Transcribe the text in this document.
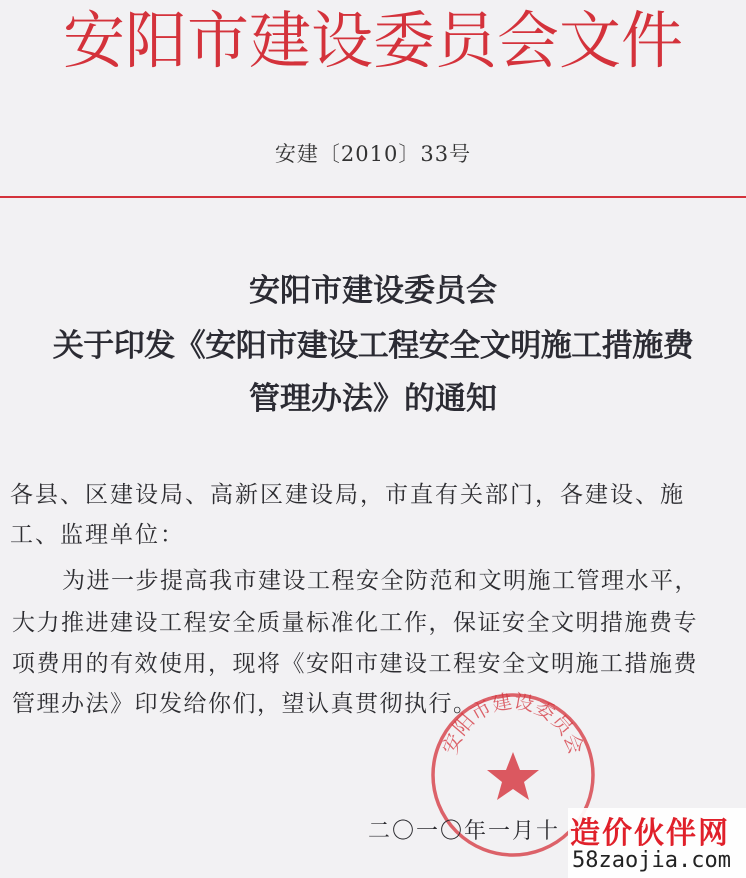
安阳市建设委员会文件
安建〔2010〕33号
安阳市建设委员会
关于印发《安阳市建设工程安全文明施工措施费
管理办法》的通知
各县、区建设局、高新区建设局，市直有关部门，各建设、施
工、监理单位：
为进一步提高我市建设工程安全防范和文明施工管理水平，
大力推进建设工程安全质量标准化工作，保证安全文明措施费专
项费用的有效使用，现将《安阳市建设工程安全文明施工措施费
管理办法》印发给你们，望认真贯彻执行。
安阳市建设委员会
二〇一〇年一月十 造价伙伴网
58zaojia.com
